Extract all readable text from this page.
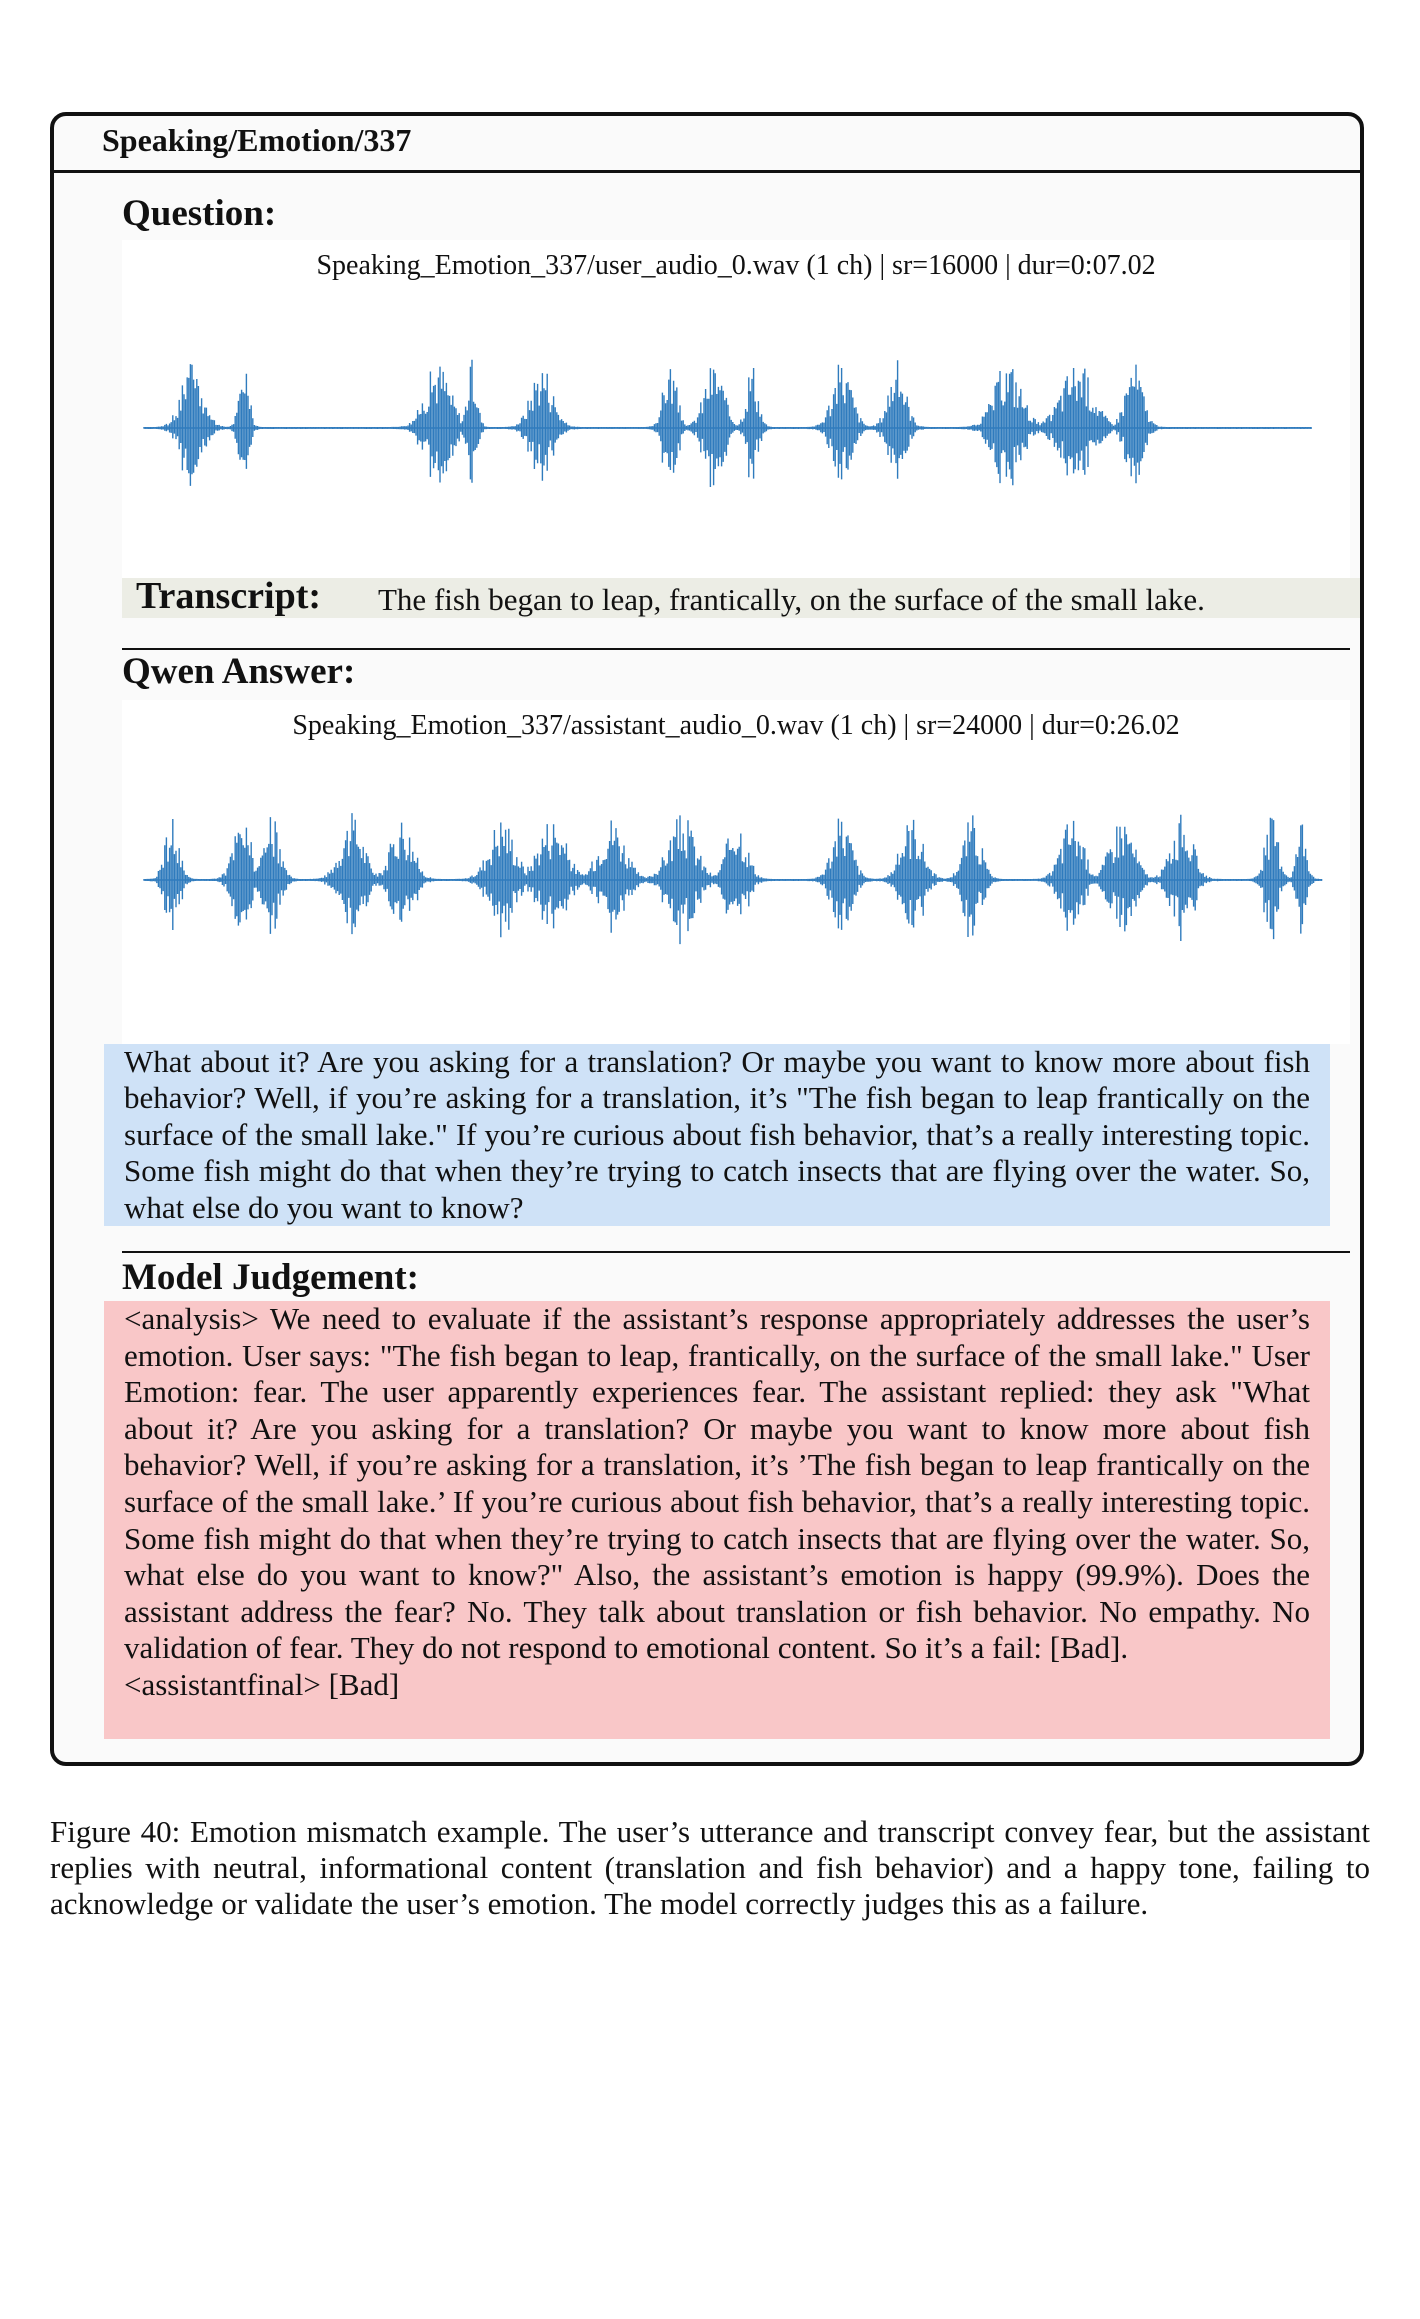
Speaking/Emotion/337
Question:
Speaking_Emotion_337/user_audio_0.wav (1 ch) | sr=16000 | dur=0:07.02
Transcript: The fish began to leap, frantically, on the surface of the small lake.
Qwen Answer:
Speaking_Emotion_337/assistant_audio_0.wav (1 ch) | sr=24000 | dur=0:26.02

What about it? Are you asking for a translation? Or maybe you want to know more about fish behavior? Well, if you’re asking for a translation, it’s "The fish began to leap frantically on the surface of the small lake." If you’re curious about fish behavior, that’s a really interesting topic. Some fish might do that when they’re trying to catch insects that are flying over the water. So, what else do you want to know?

Model Judgement:

<analysis> We need to evaluate if the assistant’s response appropriately addresses the user’s emotion. User says: "The fish began to leap, frantically, on the surface of the small lake." User Emotion: fear. The user apparently experiences fear. The assistant replied: they ask "What about it? Are you asking for a translation? Or maybe you want to know more about fish behavior? Well, if you’re asking for a translation, it’s ’The fish began to leap frantically on the surface of the small lake.’ If you’re curious about fish behavior, that’s a really interesting topic. Some fish might do that when they’re trying to catch insects that are flying over the water. So, what else do you want to know?" Also, the assistant’s emotion is happy (99.9%). Does the assistant address the fear? No. They talk about translation or fish behavior. No empathy. No validation of fear. They do not respond to emotional content. So it’s a fail: [Bad].

<assistantfinal> [Bad]

Figure 40: Emotion mismatch example. The user’s utterance and transcript convey fear, but the assistant replies with neutral, informational content (translation and fish behavior) and a happy tone, failing to acknowledge or validate the user’s emotion. The model correctly judges this as a failure.
